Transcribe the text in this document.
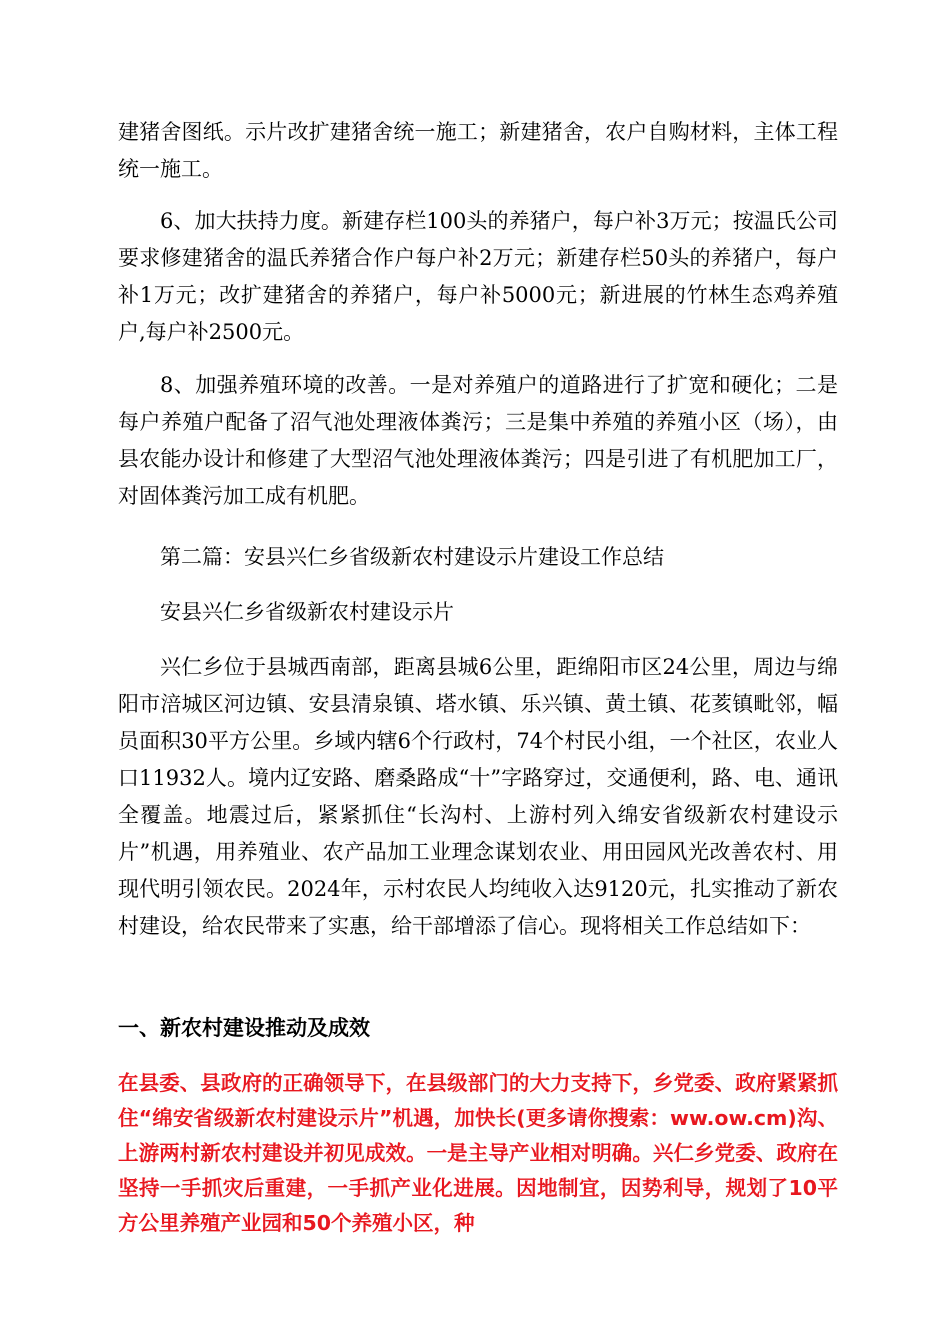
建猪舍图纸。示片改扩建猪舍统一施工；新建猪舍，农户自购材料，主体工程统一施工。

6、加大扶持力度。新建存栏100头的养猪户，每户补3万元；按温氏公司要求修建猪舍的温氏养猪合作户每户补2万元；新建存栏50头的养猪户，每户补1万元；改扩建猪舍的养猪户，每户补5000元；新进展的竹林生态鸡养殖户,每户补2500元。

8、加强养殖环境的改善。一是对养殖户的道路进行了扩宽和硬化；二是每户养殖户配备了沼气池处理液体粪污；三是集中养殖的养殖小区（场），由县农能办设计和修建了大型沼气池处理液体粪污；四是引进了有机肥加工厂，对固体粪污加工成有机肥。

第二篇：安县兴仁乡省级新农村建设示片建设工作总结

安县兴仁乡省级新农村建设示片

兴仁乡位于县城西南部，距离县城6公里，距绵阳市区24公里，周边与绵阳市涪城区河边镇、安县清泉镇、塔水镇、乐兴镇、黄土镇、花荄镇毗邻，幅员面积30平方公里。乡域内辖6个行政村，74个村民小组，一个社区，农业人口11932人。境内辽安路、磨桑路成“十”字路穿过，交通便利，路、电、通讯全覆盖。地震过后，紧紧抓住“长沟村、上游村列入绵安省级新农村建设示片”机遇，用养殖业、农产品加工业理念谋划农业、用田园风光改善农村、用现代明引领农民。2024年，示村农民人均纯收入达9120元，扎实推动了新农村建设，给农民带来了实惠，给干部增添了信心。现将相关工作总结如下：

一、新农村建设推动及成效

在县委、县政府的正确领导下，在县级部门的大力支持下，乡党委、政府紧紧抓住“绵安省级新农村建设示片”机遇，加快长(更多请你搜索：ww.ow.cm)沟、上游两村新农村建设并初见成效。一是主导产业相对明确。兴仁乡党委、政府在坚持一手抓灾后重建，一手抓产业化进展。因地制宜，因势利导，规划了10平方公里养殖产业园和50个养殖小区，种
